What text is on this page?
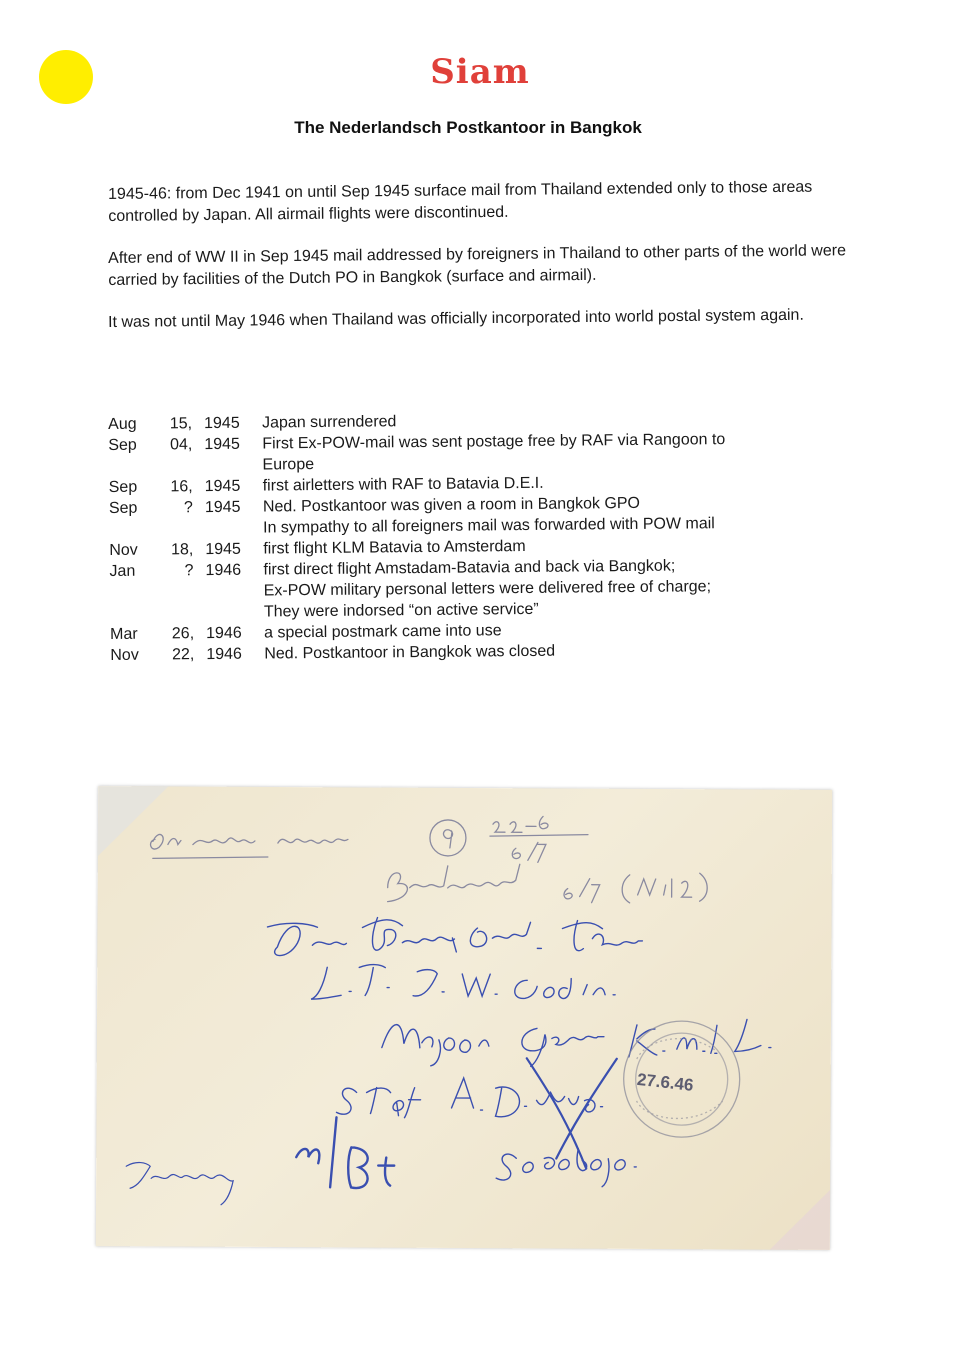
Siam
The Nederlandsch Postkantoor in Bangkok

1945-46: from Dec 1941 on until Sep 1945 surface mail from Thailand extended only to those areas controlled by Japan. All airmail flights were discontinued.

After end of WW II in Sep 1945 mail addressed by foreigners in Thailand to other parts of the world were carried by facilities of the Dutch PO in Bangkok (surface and airmail).

It was not until May 1946 when Thailand was officially incorporated into world postal system again.

Aug	15, 1945	Japan surrendered
Sep	04, 1945	First Ex-POW-mail was sent postage free by RAF via Rangoon to
Europe
Sep	16, 1945	first airletters with RAF to Batavia D.E.I.
Sep	? 1945	Ned. Postkantoor was given a room in Bangkok GPO
In sympathy to all foreigners mail was forwarded with POW mail
Nov	18, 1945	first flight KLM Batavia to Amsterdam
Jan	? 1946	first direct flight Amstadam-Batavia and back via Bangkok;
Ex-POW military personal letters were delivered free of charge;
They were indorsed “on active service”
Mar	26, 1946	a special postmark came into use
Nov	22, 1946	Ned. Postkantoor in Bangkok was closed
27.6.46
